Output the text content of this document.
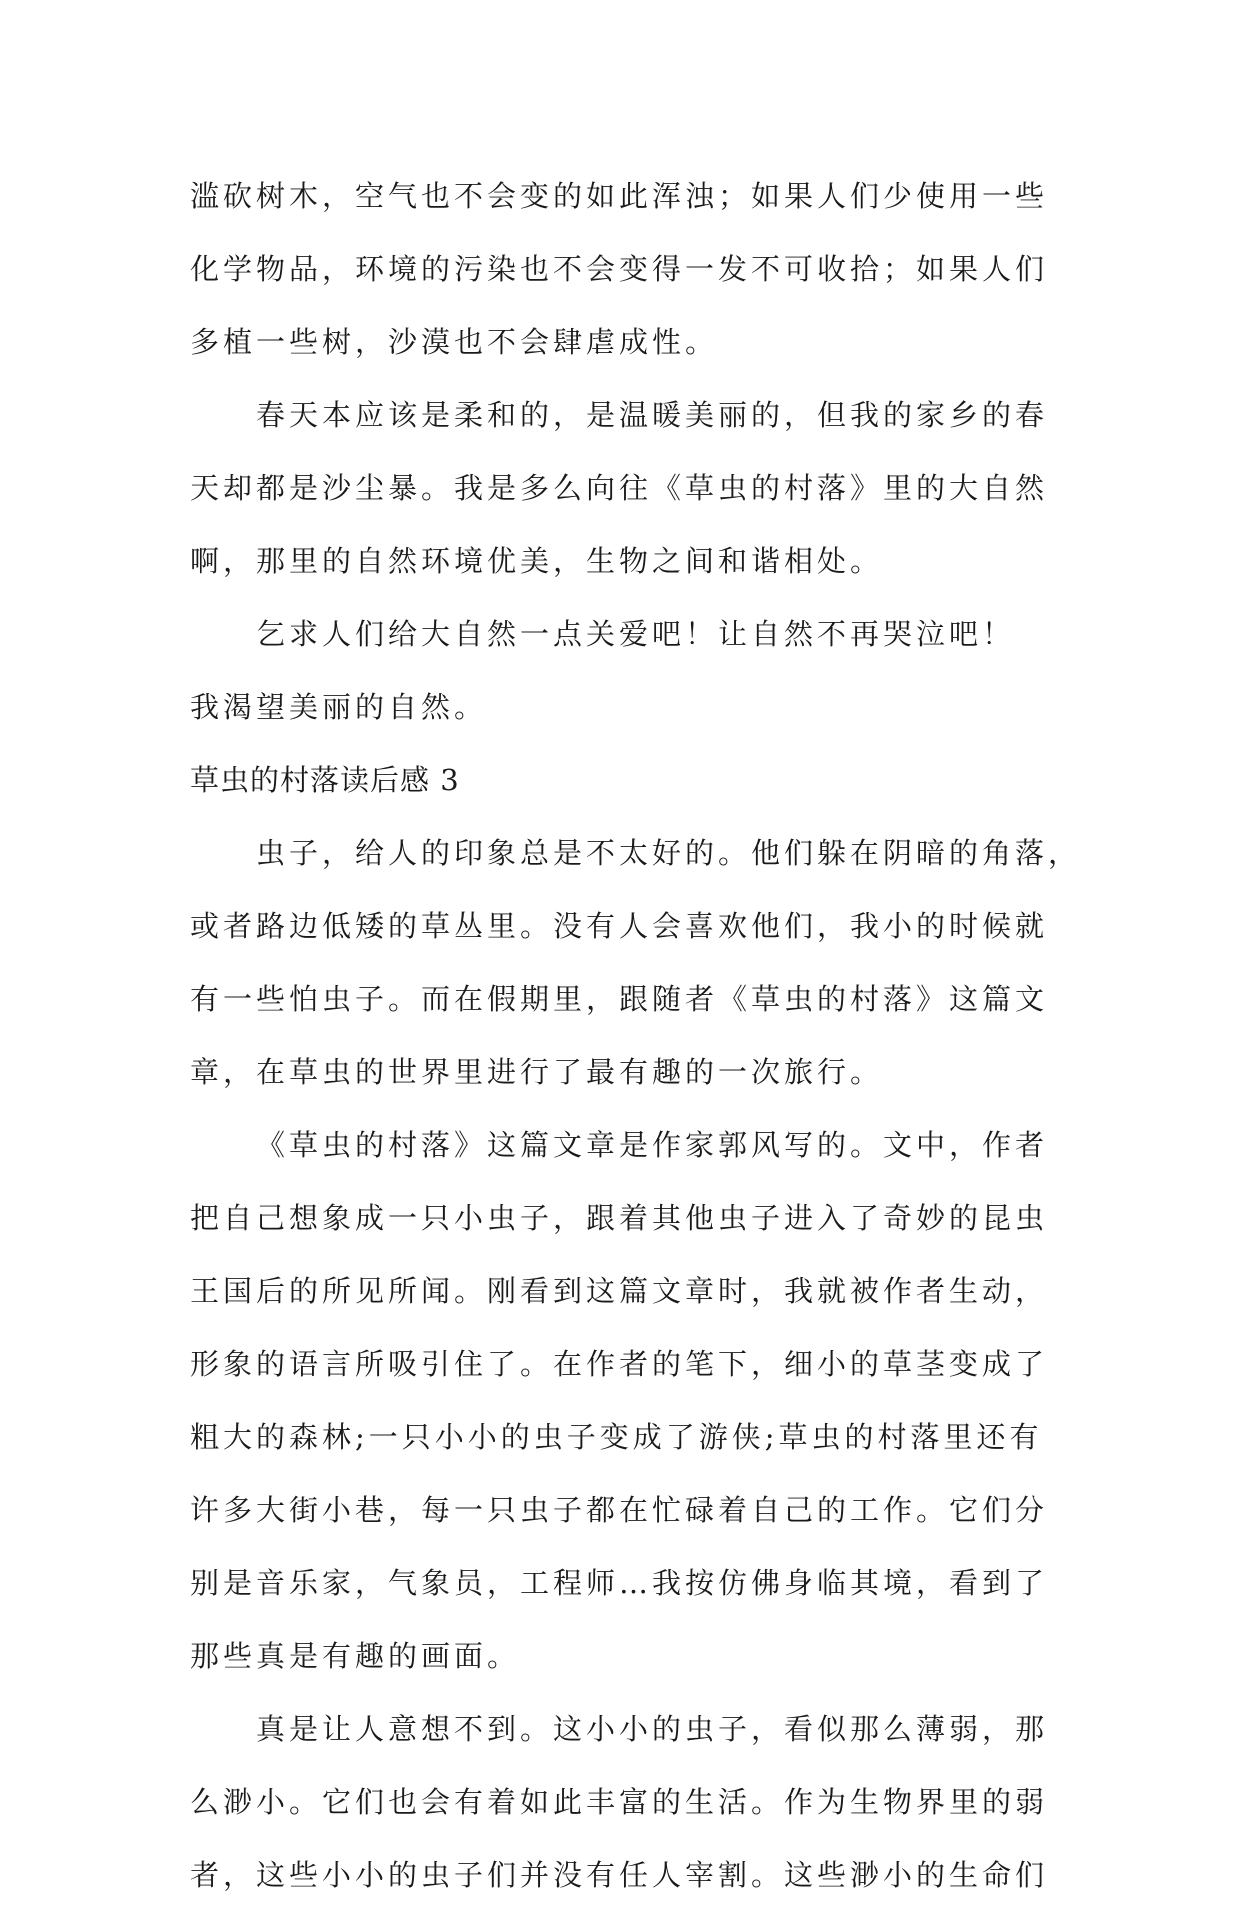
滥砍树木，空气也不会变的如此浑浊；如果人们少使用一些
化学物品，环境的污染也不会变得一发不可收拾；如果人们
多植一些树，沙漠也不会肆虐成性。
春天本应该是柔和的，是温暖美丽的，但我的家乡的春
天却都是沙尘暴。我是多么向往《草虫的村落》里的大自然
啊，那里的自然环境优美，生物之间和谐相处。
乞求人们给大自然一点关爱吧！让自然不再哭泣吧！
我渴望美丽的自然。
草虫的村落读后感 3
虫子，给人的印象总是不太好的。他们躲在阴暗的角落，
或者路边低矮的草丛里。没有人会喜欢他们，我小的时候就
有一些怕虫子。而在假期里，跟随者《草虫的村落》这篇文
章，在草虫的世界里进行了最有趣的一次旅行。
《草虫的村落》这篇文章是作家郭风写的。文中，作者
把自己想象成一只小虫子，跟着其他虫子进入了奇妙的昆虫
王国后的所见所闻。刚看到这篇文章时，我就被作者生动，
形象的语言所吸引住了。在作者的笔下，细小的草茎变成了
粗大的森林;一只小小的虫子变成了游侠;草虫的村落里还有
许多大街小巷，每一只虫子都在忙碌着自己的工作。它们分
别是音乐家，气象员，工程师…我按仿佛身临其境，看到了
那些真是有趣的画面。
真是让人意想不到。这小小的虫子，看似那么薄弱，那
么渺小。它们也会有着如此丰富的生活。作为生物界里的弱
者，这些小小的虫子们并没有任人宰割。这些渺小的生命们
